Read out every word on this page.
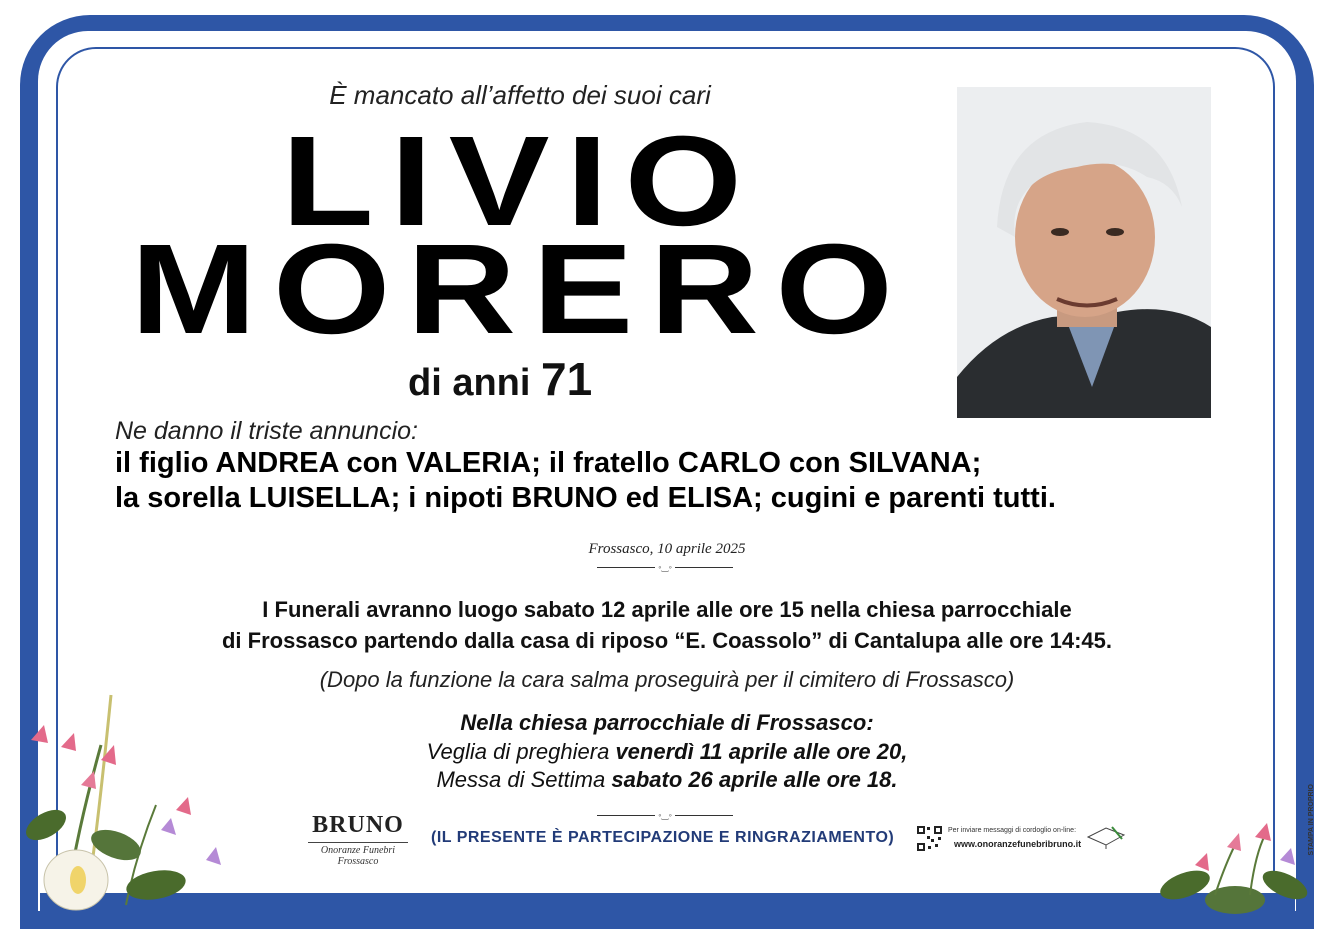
È mancato all’affetto dei suoi cari
LIVIO
MORERO
di anni 71
Ne danno il triste annuncio:
il figlio ANDREA con VALERIA; il fratello CARLO con SILVANA;
la sorella LUISELLA; i nipoti BRUNO ed ELISA; cugini e parenti tutti.
Frossasco, 10 aprile 2025
◦‿◦
I Funerali avranno luogo sabato 12 aprile alle ore 15 nella chiesa parrocchiale
di Frossasco partendo dalla casa di riposo “E. Coassolo” di Cantalupa alle ore 14:45.
(Dopo la funzione la cara salma proseguirà per il cimitero di Frossasco)
Nella chiesa parrocchiale di Frossasco:
Veglia di preghiera venerdì 11 aprile alle ore 20,
Messa di Settima sabato 26 aprile alle ore 18.
◦‿◦
BRUNO
Onoranze Funebri Frossasco
(IL PRESENTE È PARTECIPAZIONE E RINGRAZIAMENTO)	Per inviare messaggi di cordoglio on-line:
www.onoranzefunebribruno.it	STAMPA IN PROPRIO
